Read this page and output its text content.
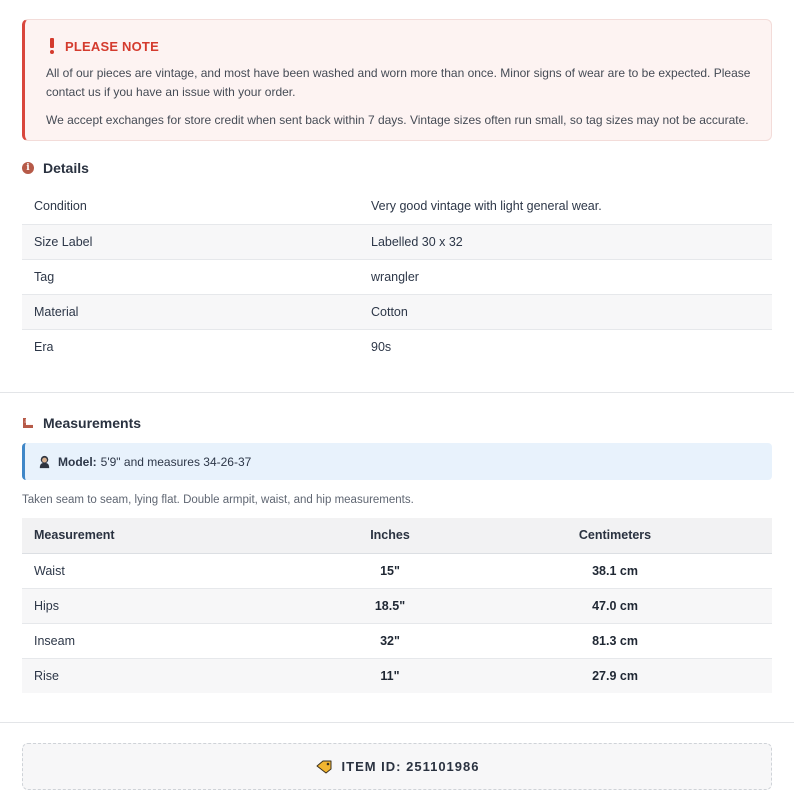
PLEASE NOTE

All of our pieces are vintage, and most have been washed and worn more than once. Minor signs of wear are to be expected. Please contact us if you have an issue with your order.

We accept exchanges for store credit when sent back within 7 days. Vintage sizes often run small, so tag sizes may not be accurate.

i Details
Condition	Very good vintage with light general wear.
Size Label	Labelled 30 x 32
Tag	wrangler
Material	Cotton
Era	90s
Measurements
Model: 5'9" and measures 34-26-37
Taken seam to seam, lying flat. Double armpit, waist, and hip measurements.
Measurement	Inches	Centimeters
Waist	15"	38.1 cm
Hips	18.5"	47.0 cm
Inseam	32"	81.3 cm
Rise	11"	27.9 cm
ITEM ID: 251101986
